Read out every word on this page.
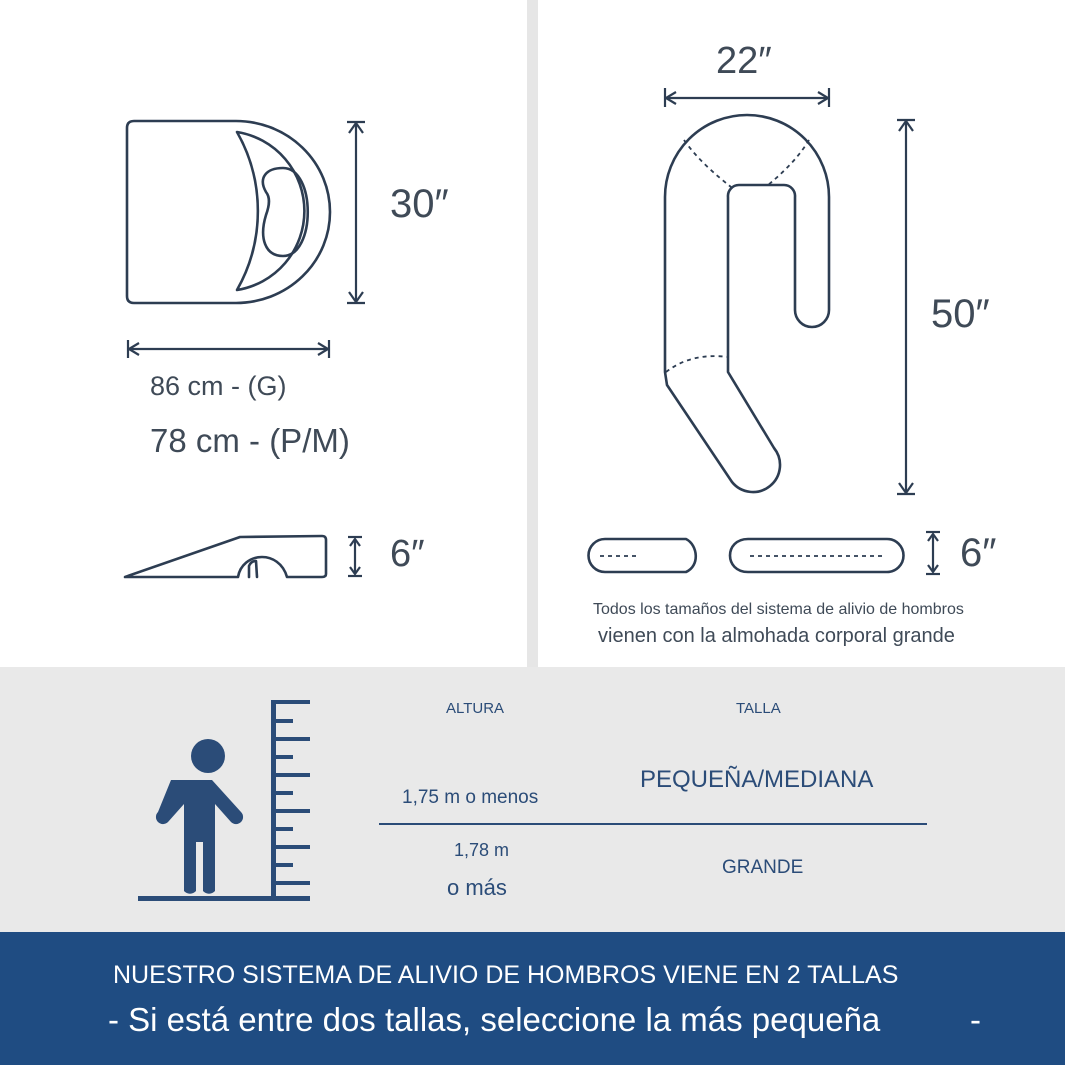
30″
86 cm - (G)
78 cm - (P/M)
6″
22″
50″
6″
Todos los tamaños del sistema de alivio de hombros
vienen con la almohada corporal grande
ALTURA	TALLA
1,75 m o menos
PEQUEÑA/MEDIANA
1,78 m
o más
GRANDE
NUESTRO SISTEMA DE ALIVIO DE HOMBROS VIENE EN 2 TALLAS
- Si está entre dos tallas, seleccione la más pequeña	-
